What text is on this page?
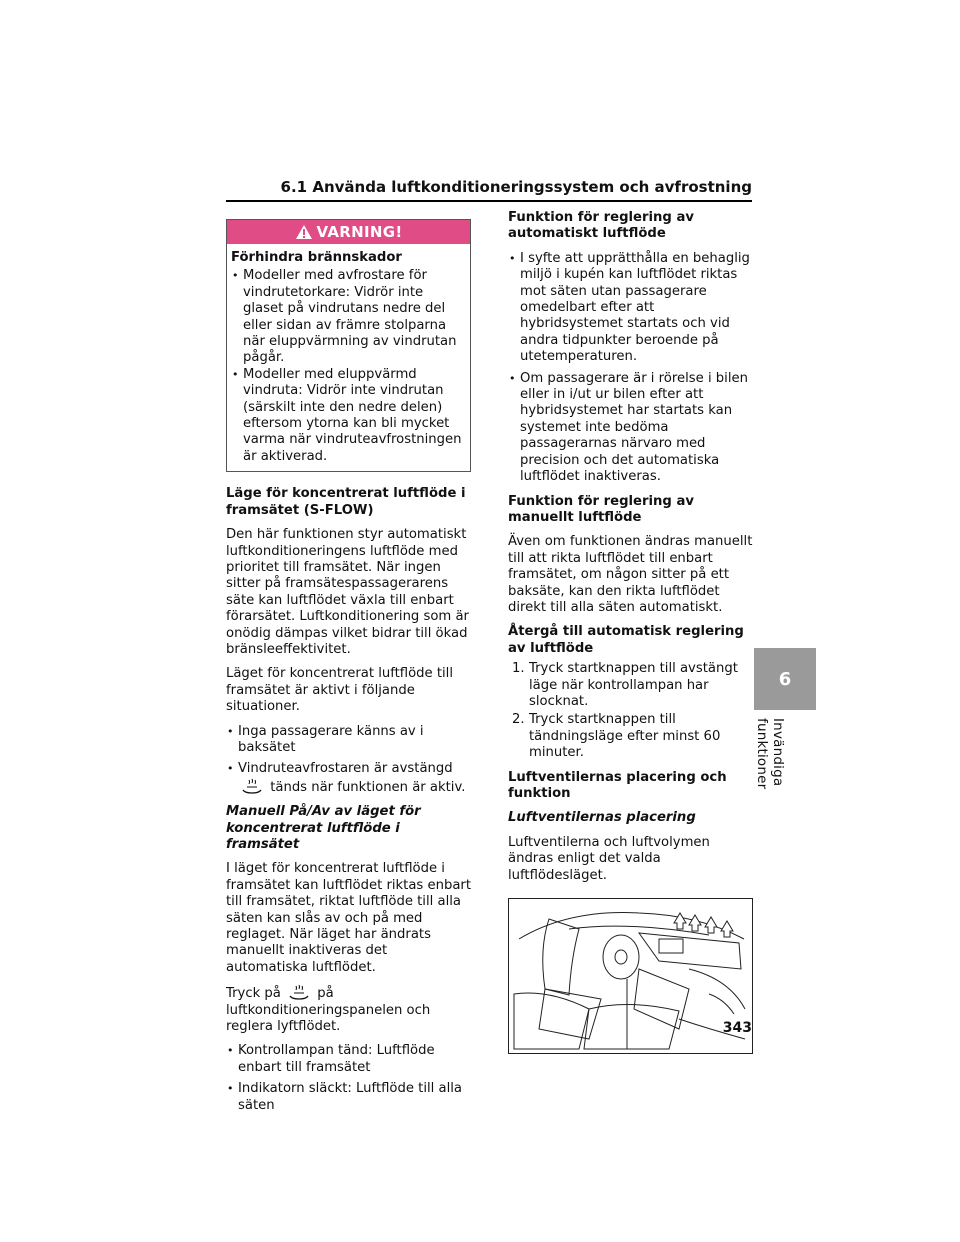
6.1 Använda luftkonditioneringssystem och avfrostning
6
Invändiga funktioner
VARNING!
Förhindra brännskador
• Modeller med avfrostare för vindrutetorkare: Vidrör inte glaset på vindrutans nedre del eller sidan av främre stolparna när eluppvärmning av vindrutan pågår.
• Modeller med eluppvärmd vindruta: Vidrör inte vindrutan (särskilt inte den nedre delen) eftersom ytorna kan bli mycket varma när vindruteavfrostningen är aktiverad.
Läge för koncentrerat luftflöde i framsätet (S-FLOW)

Den här funktionen styr automatiskt luftkonditioneringens luftflöde med prioritet till framsätet. När ingen sitter på framsätespassagerarens säte kan luftflödet växla till enbart förarsätet. Luftkonditionering som är onödig dämpas vilket bidrar till ökad bränsleeffektivitet.

Läget för koncentrerat luftflöde till framsätet är aktivt i följande situationer.

• Inga passagerare känns av i baksätet
• Vindruteavfrostaren är avstängd
tänds när funktionen är aktiv.
Manuell På/Av av läget för koncentrerat luftflöde i framsätet

I läget för koncentrerat luftflöde i framsätet kan luftflödet riktas enbart till framsätet, riktat luftflöde till alla säten kan slås av och på med reglaget. När läget har ändrats manuellt inaktiveras det automatiska luftflödet.

Tryck på	på
luftkonditioneringspanelen och reglera lyftflödet.

• Kontrollampan tänd: Luftflöde enbart till framsätet
• Indikatorn släckt: Luftflöde till alla säten
Funktion för reglering av automatiskt luftflöde
• I syfte att upprätthålla en behaglig miljö i kupén kan luftflödet riktas mot säten utan passagerare omedelbart efter att hybridsystemet startats och vid andra tidpunkter beroende på utetemperaturen.
• Om passagerare är i rörelse i bilen eller in i/ut ur bilen efter att hybridsystemet har startats kan systemet inte bedöma passagerarnas närvaro med precision och det automatiska luftflödet inaktiveras.
Funktion för reglering av manuellt luftflöde

Även om funktionen ändras manuellt till att rikta luftflödet till enbart framsätet, om någon sitter på ett baksäte, kan den rikta luftflödet direkt till alla säten automatiskt.

Återgå till automatisk reglering av luftflöde
1. Tryck startknappen till avstängt läge när kontrollampan har slocknat.
2. Tryck startknappen till tändningsläge efter minst 60 minuter.
Luftventilernas placering och funktion
Luftventilernas placering

Luftventilerna och luftvolymen ändras enligt det valda luftflödesläget.

343
